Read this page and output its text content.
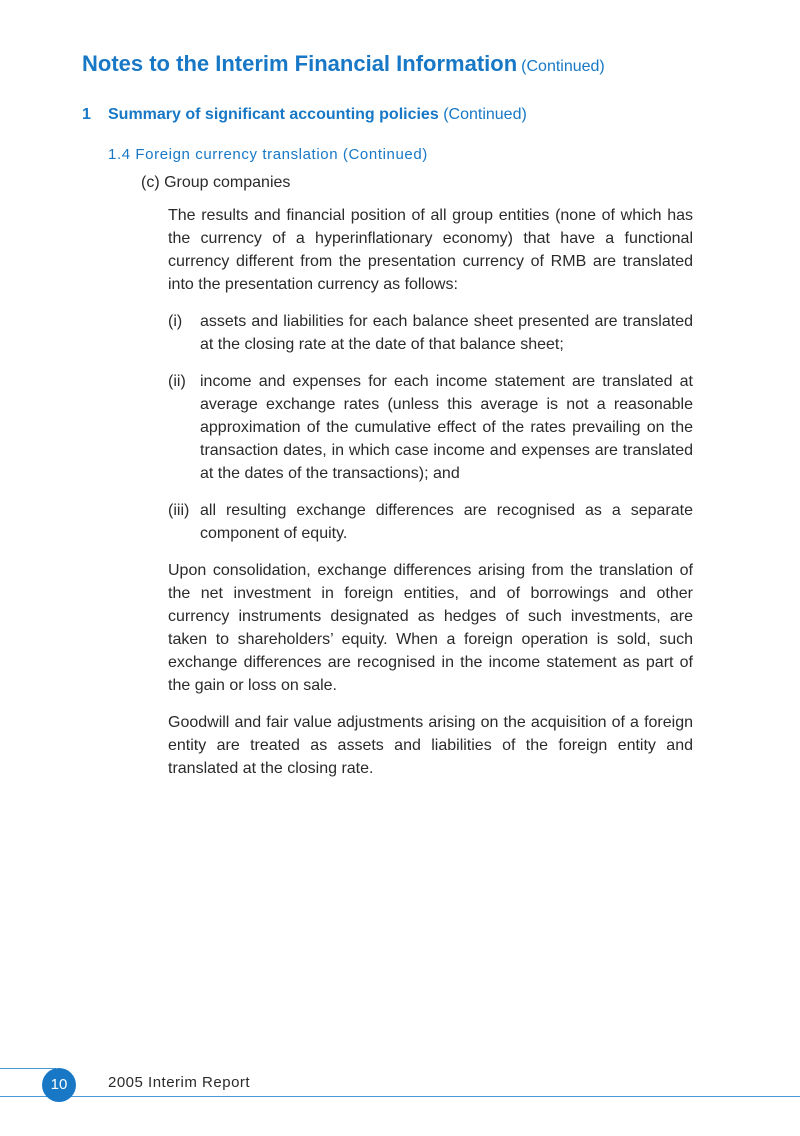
Notes to the Interim Financial Information (Continued)
1 Summary of significant accounting policies (Continued)
1.4 Foreign currency translation (Continued)
(c) Group companies

The results and financial position of all group entities (none of which has the currency of a hyperinflationary economy) that have a functional currency different from the presentation currency of RMB are translated into the presentation currency as follows:

(i) assets and liabilities for each balance sheet presented are translated at the closing rate at the date of that balance sheet;
(ii) income and expenses for each income statement are translated at average exchange rates (unless this average is not a reasonable approximation of the cumulative effect of the rates prevailing on the transaction dates, in which case income and expenses are translated at the dates of the transactions); and
(iii) all resulting exchange differences are recognised as a separate component of equity.

Upon consolidation, exchange differences arising from the translation of the net investment in foreign entities, and of borrowings and other currency instruments designated as hedges of such investments, are taken to shareholders’ equity. When a foreign operation is sold, such exchange differences are recognised in the income statement as part of the gain or loss on sale.

Goodwill and fair value adjustments arising on the acquisition of a foreign entity are treated as assets and liabilities of the foreign entity and translated at the closing rate.

10	2005 Interim Report
